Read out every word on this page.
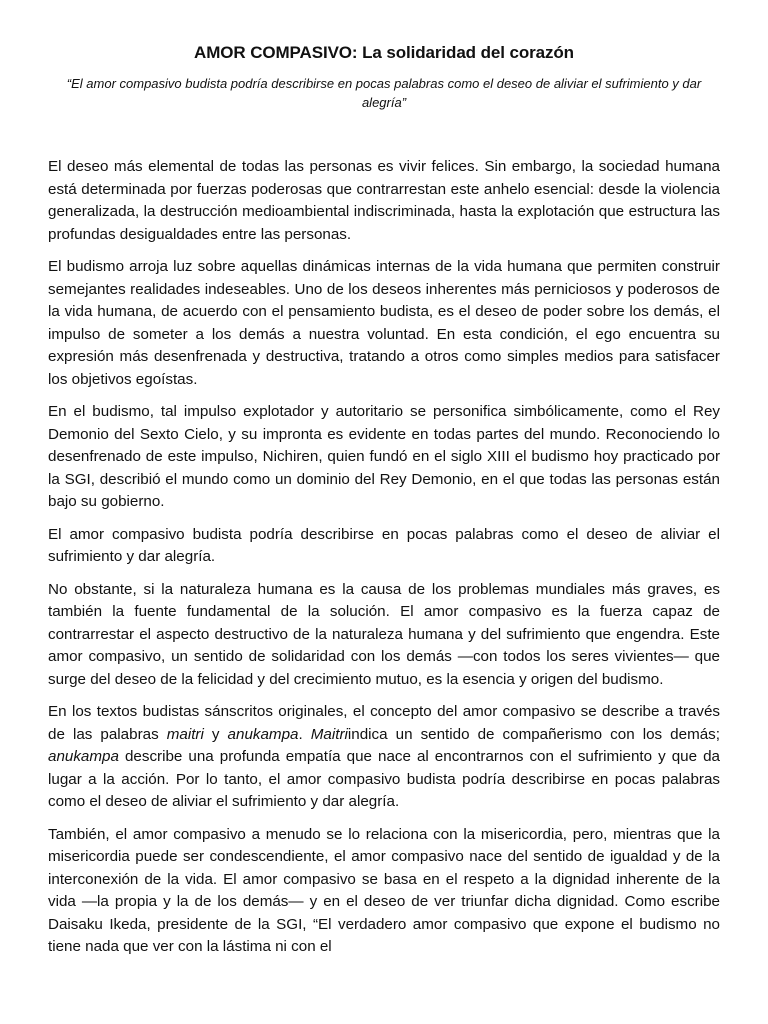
AMOR COMPASIVO: La solidaridad del corazón
“El amor compasivo budista podría describirse en pocas palabras como el deseo de aliviar el sufrimiento y dar alegría”

El deseo más elemental de todas las personas es vivir felices. Sin embargo, la sociedad humana está determinada por fuerzas poderosas que contrarrestan este anhelo esencial: desde la violencia generalizada, la destrucción medioambiental indiscriminada, hasta la explotación que estructura las profundas desigualdades entre las personas.

El budismo arroja luz sobre aquellas dinámicas internas de la vida humana que permiten construir semejantes realidades indeseables. Uno de los deseos inherentes más perniciosos y poderosos de la vida humana, de acuerdo con el pensamiento budista, es el deseo de poder sobre los demás, el impulso de someter a los demás a nuestra voluntad. En esta condición, el ego encuentra su expresión más desenfrenada y destructiva, tratando a otros como simples medios para satisfacer los objetivos egoístas.

En el budismo, tal impulso explotador y autoritario se personifica simbólicamente, como el Rey Demonio del Sexto Cielo, y su impronta es evidente en todas partes del mundo. Reconociendo lo desenfrenado de este impulso, Nichiren, quien fundó en el siglo XIII el budismo hoy practicado por la SGI, describió el mundo como un dominio del Rey Demonio, en el que todas las personas están bajo su gobierno.

El amor compasivo budista podría describirse en pocas palabras como el deseo de aliviar el sufrimiento y dar alegría.

No obstante, si la naturaleza humana es la causa de los problemas mundiales más graves, es también la fuente fundamental de la solución. El amor compasivo es la fuerza capaz de contrarrestar el aspecto destructivo de la naturaleza humana y del sufrimiento que engendra. Este amor compasivo, un sentido de solidaridad con los demás —con todos los seres vivientes— que surge del deseo de la felicidad y del crecimiento mutuo, es la esencia y origen del budismo.

En los textos budistas sánscritos originales, el concepto del amor compasivo se describe a través de las palabras maitri y anukampa. Maitriindica un sentido de compañerismo con los demás; anukampa describe una profunda empatía que nace al encontrarnos con el sufrimiento y que da lugar a la acción. Por lo tanto, el amor compasivo budista podría describirse en pocas palabras como el deseo de aliviar el sufrimiento y dar alegría.

También, el amor compasivo a menudo se lo relaciona con la misericordia, pero, mientras que la misericordia puede ser condescendiente, el amor compasivo nace del sentido de igualdad y de la interconexión de la vida. El amor compasivo se basa en el respeto a la dignidad inherente de la vida —la propia y la de los demás— y en el deseo de ver triunfar dicha dignidad. Como escribe Daisaku Ikeda, presidente de la SGI, “El verdadero amor compasivo que expone el budismo no tiene nada que ver con la lástima ni con el
